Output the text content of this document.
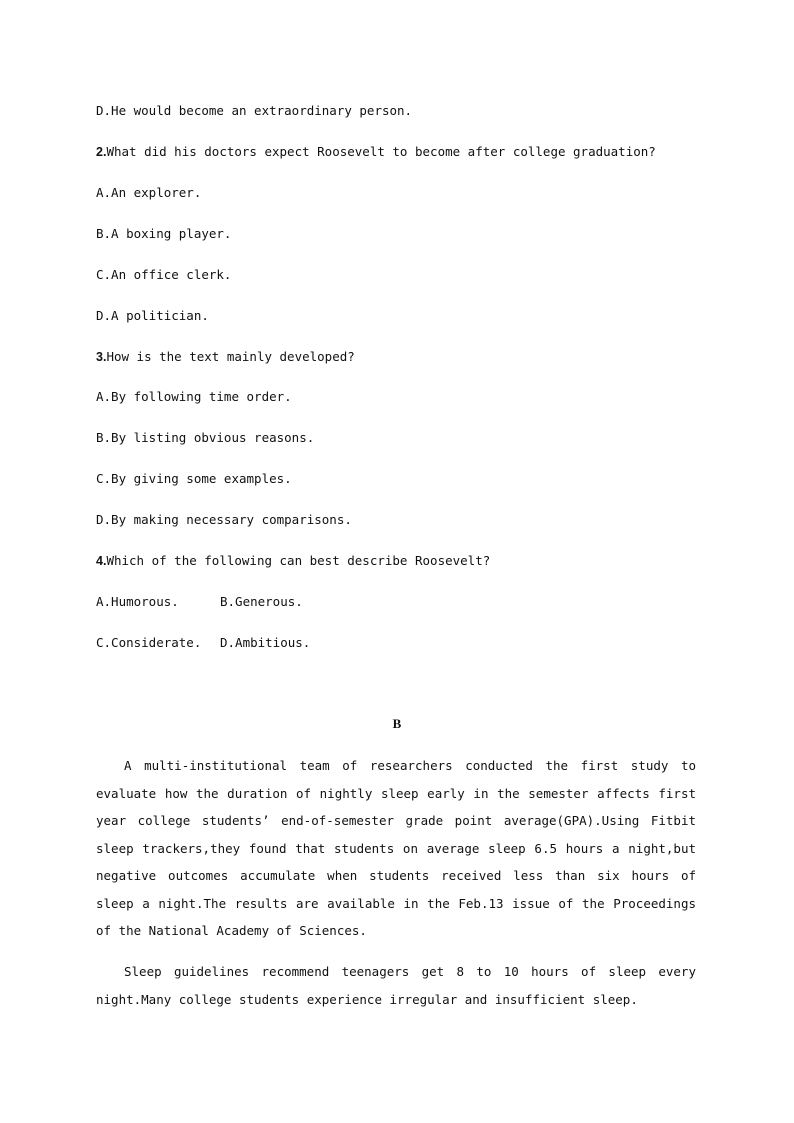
D.He would become an extraordinary person.
2.What did his doctors expect Roosevelt to become after college graduation?
A.An explorer.
B.A boxing player.
C.An office clerk.
D.A politician.
3.How is the text mainly developed?
A.By following time order.
B.By listing obvious reasons.
C.By giving some examples.
D.By making necessary comparisons.
4.Which of the following can best describe Roosevelt?
A.Humorous.	B.Generous.
C.Considerate. D.Ambitious.
B

A multi-institutional team of researchers conducted the first study to evaluate how the duration of nightly sleep early in the semester affects first year college students’ end-of-semester grade point average(GPA).Using Fitbit sleep trackers,they found that students on average sleep 6.5 hours a night,but negative outcomes accumulate when students received less than six hours of sleep a night.The results are available in the Feb.13 issue of the Proceedings of the National Academy of Sciences.

Sleep guidelines recommend teenagers get 8 to 10 hours of sleep every night.Many college students experience irregular and insufficient sleep.
